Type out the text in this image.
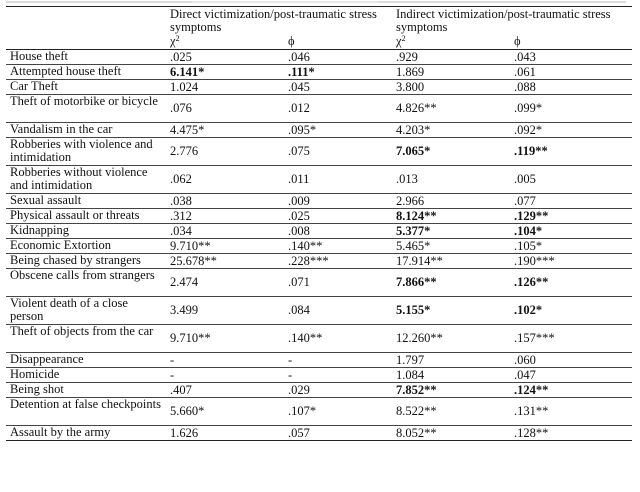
	Direct victimization/post-traumatic stress symptoms		Indirect victimization/post-traumatic stress symptoms	
	$\chi^2$	ϕ	$\chi^2$	ϕ
House theft	.025	.046	.929	.043
Attempted house theft	6.141*	.111*	1.869	.061
Car Theft	1.024	.045	3.800	.088
Theft of motorbike or bicycle	.076	.012	4.826**	.099*
Vandalism in the car	4.475*	.095*	4.203*	.092*
Robberies with violence and intimidation	2.776	.075	7.065*	.119**
Robberies without violence and intimidation	.062	.011	.013	.005
Sexual assault	.038	.009	2.966	.077
Physical assault or threats	.312	.025	8.124**	.129**
Kidnapping	.034	.008	5.377*	.104*
Economic Extortion	9.710**	.140**	5.465*	.105*
Being chased by strangers	25.678**	.228***	17.914**	.190***
Obscene calls from strangers	2.474	.071	7.866**	.126**
Violent death of a close person	3.499	.084	5.155*	.102*
Theft of objects from the car	9.710**	.140**	12.260**	.157***
Disappearance	-	-	1.797	.060
Homicide	-	-	1.084	.047
Being shot	.407	.029	7.852**	.124**
Detention at false checkpoints	5.660*	.107*	8.522**	.131**
Assault by the army	1.626	.057	8.052**	.128**
